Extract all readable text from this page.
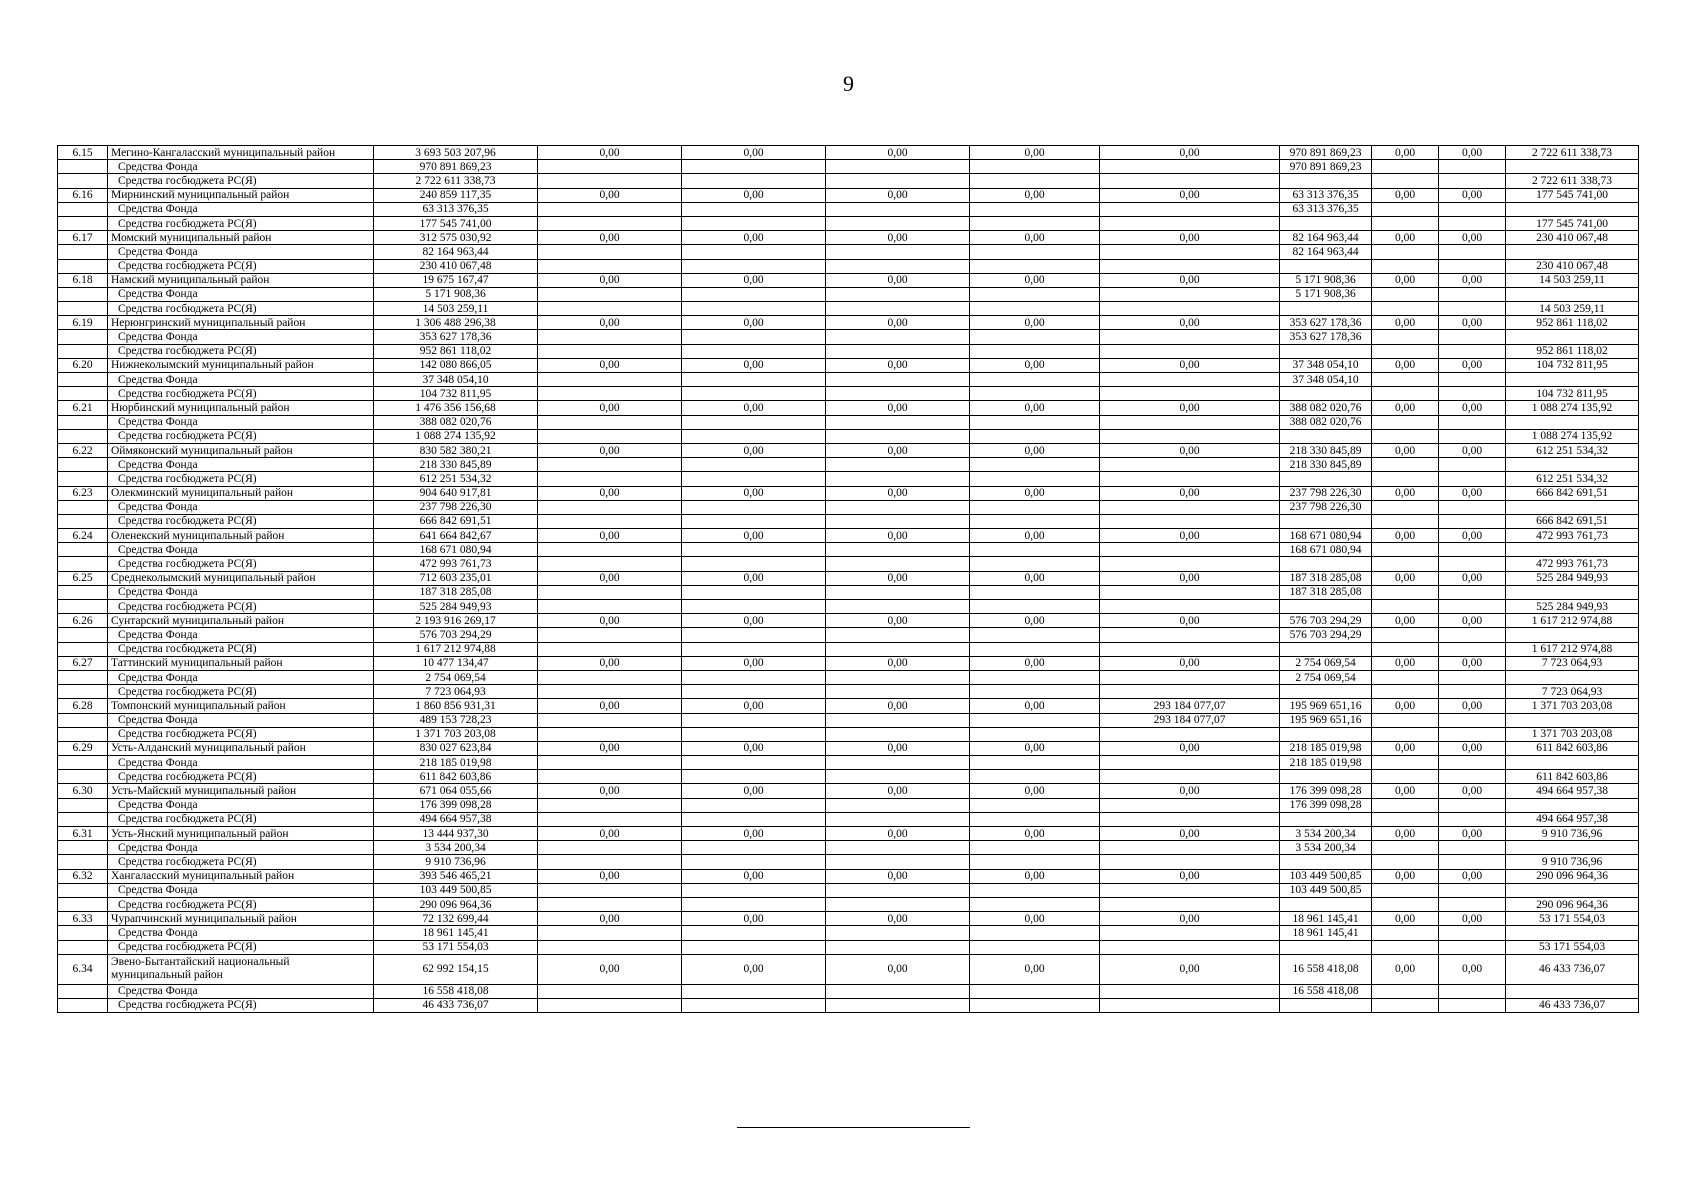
9
6.15	Мегино-Кангаласский муниципальный район	3 693 503 207,96	0,00	0,00	0,00	0,00	0,00	970 891 869,23	0,00	0,00	2 722 611 338,73
	Средства Фонда	970 891 869,23						970 891 869,23			
	Средства госбюджета РС(Я)	2 722 611 338,73									2 722 611 338,73
6.16	Мирнинский муниципальный район	240 859 117,35	0,00	0,00	0,00	0,00	0,00	63 313 376,35	0,00	0,00	177 545 741,00
	Средства Фонда	63 313 376,35						63 313 376,35			
	Средства госбюджета РС(Я)	177 545 741,00									177 545 741,00
6.17	Момский муниципальный район	312 575 030,92	0,00	0,00	0,00	0,00	0,00	82 164 963,44	0,00	0,00	230 410 067,48
	Средства Фонда	82 164 963,44						82 164 963,44			
	Средства госбюджета РС(Я)	230 410 067,48									230 410 067,48
6.18	Намский муниципальный район	19 675 167,47	0,00	0,00	0,00	0,00	0,00	5 171 908,36	0,00	0,00	14 503 259,11
	Средства Фонда	5 171 908,36						5 171 908,36			
	Средства госбюджета РС(Я)	14 503 259,11									14 503 259,11
6.19	Нерюнгринский муниципальный район	1 306 488 296,38	0,00	0,00	0,00	0,00	0,00	353 627 178,36	0,00	0,00	952 861 118,02
	Средства Фонда	353 627 178,36						353 627 178,36			
	Средства госбюджета РС(Я)	952 861 118,02									952 861 118,02
6.20	Нижнеколымский муниципальный район	142 080 866,05	0,00	0,00	0,00	0,00	0,00	37 348 054,10	0,00	0,00	104 732 811,95
	Средства Фонда	37 348 054,10						37 348 054,10			
	Средства госбюджета РС(Я)	104 732 811,95									104 732 811,95
6.21	Нюрбинский муниципальный район	1 476 356 156,68	0,00	0,00	0,00	0,00	0,00	388 082 020,76	0,00	0,00	1 088 274 135,92
	Средства Фонда	388 082 020,76						388 082 020,76			
	Средства госбюджета РС(Я)	1 088 274 135,92									1 088 274 135,92
6.22	Оймяконский муниципальный район	830 582 380,21	0,00	0,00	0,00	0,00	0,00	218 330 845,89	0,00	0,00	612 251 534,32
	Средства Фонда	218 330 845,89						218 330 845,89			
	Средства госбюджета РС(Я)	612 251 534,32									612 251 534,32
6.23	Олекминский муниципальный район	904 640 917,81	0,00	0,00	0,00	0,00	0,00	237 798 226,30	0,00	0,00	666 842 691,51
	Средства Фонда	237 798 226,30						237 798 226,30			
	Средства госбюджета РС(Я)	666 842 691,51									666 842 691,51
6.24	Оленекский муниципальный район	641 664 842,67	0,00	0,00	0,00	0,00	0,00	168 671 080,94	0,00	0,00	472 993 761,73
	Средства Фонда	168 671 080,94						168 671 080,94			
	Средства госбюджета РС(Я)	472 993 761,73									472 993 761,73
6.25	Среднеколымский муниципальный район	712 603 235,01	0,00	0,00	0,00	0,00	0,00	187 318 285,08	0,00	0,00	525 284 949,93
	Средства Фонда	187 318 285,08						187 318 285,08			
	Средства госбюджета РС(Я)	525 284 949,93									525 284 949,93
6.26	Сунтарский муниципальный район	2 193 916 269,17	0,00	0,00	0,00	0,00	0,00	576 703 294,29	0,00	0,00	1 617 212 974,88
	Средства Фонда	576 703 294,29						576 703 294,29			
	Средства госбюджета РС(Я)	1 617 212 974,88									1 617 212 974,88
6.27	Таттинский муниципальный район	10 477 134,47	0,00	0,00	0,00	0,00	0,00	2 754 069,54	0,00	0,00	7 723 064,93
	Средства Фонда	2 754 069,54						2 754 069,54			
	Средства госбюджета РС(Я)	7 723 064,93									7 723 064,93
6.28	Томпонский муниципальный район	1 860 856 931,31	0,00	0,00	0,00	0,00	293 184 077,07	195 969 651,16	0,00	0,00	1 371 703 203,08
	Средства Фонда	489 153 728,23					293 184 077,07	195 969 651,16			
	Средства госбюджета РС(Я)	1 371 703 203,08									1 371 703 203,08
6.29	Усть-Алданский муниципальный район	830 027 623,84	0,00	0,00	0,00	0,00	0,00	218 185 019,98	0,00	0,00	611 842 603,86
	Средства Фонда	218 185 019,98						218 185 019,98			
	Средства госбюджета РС(Я)	611 842 603,86									611 842 603,86
6.30	Усть-Майский муниципальный район	671 064 055,66	0,00	0,00	0,00	0,00	0,00	176 399 098,28	0,00	0,00	494 664 957,38
	Средства Фонда	176 399 098,28						176 399 098,28			
	Средства госбюджета РС(Я)	494 664 957,38									494 664 957,38
6.31	Усть-Янский муниципальный район	13 444 937,30	0,00	0,00	0,00	0,00	0,00	3 534 200,34	0,00	0,00	9 910 736,96
	Средства Фонда	3 534 200,34						3 534 200,34			
	Средства госбюджета РС(Я)	9 910 736,96									9 910 736,96
6.32	Хангаласский муниципальный район	393 546 465,21	0,00	0,00	0,00	0,00	0,00	103 449 500,85	0,00	0,00	290 096 964,36
	Средства Фонда	103 449 500,85						103 449 500,85			
	Средства госбюджета РС(Я)	290 096 964,36									290 096 964,36
6.33	Чурапчинский муниципальный район	72 132 699,44	0,00	0,00	0,00	0,00	0,00	18 961 145,41	0,00	0,00	53 171 554,03
	Средства Фонда	18 961 145,41						18 961 145,41			
	Средства госбюджета РС(Я)	53 171 554,03									53 171 554,03
6.34	Эвено-Бытантайский национальный муниципальный район	62 992 154,15	0,00	0,00	0,00	0,00	0,00	16 558 418,08	0,00	0,00	46 433 736,07
	Средства Фонда	16 558 418,08						16 558 418,08			
	Средства госбюджета РС(Я)	46 433 736,07									46 433 736,07
